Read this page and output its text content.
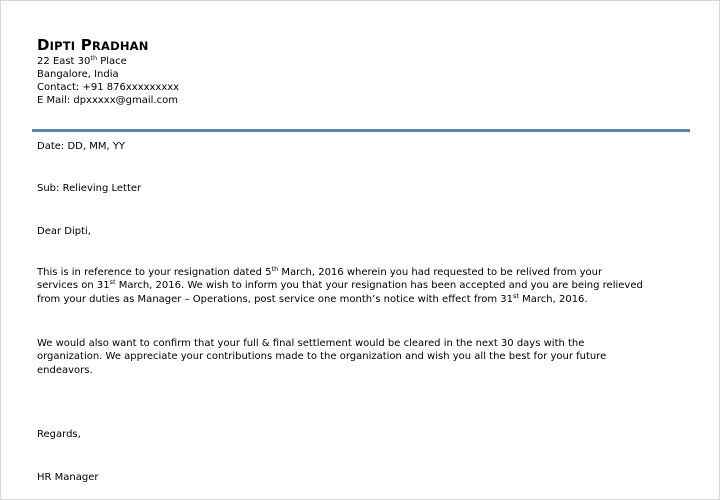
DIPTI PRADHAN
22 East 30th Place
Bangalore, India
Contact: +91 876xxxxxxxxx
E Mail: dpxxxxx@gmail.com
Date: DD, MM, YY
Sub: Relieving Letter
Dear Dipti,
This is in reference to your resignation dated 5th March, 2016 wherein you had requested to be relived from your
services on 31st March, 2016. We wish to inform you that your resignation has been accepted and you are being relieved
from your duties as Manager – Operations, post service one month’s notice with effect from 31st March, 2016.
We would also want to confirm that your full & final settlement would be cleared in the next 30 days with the
organization. We appreciate your contributions made to the organization and wish you all the best for your future
endeavors.
Regards,
HR Manager
